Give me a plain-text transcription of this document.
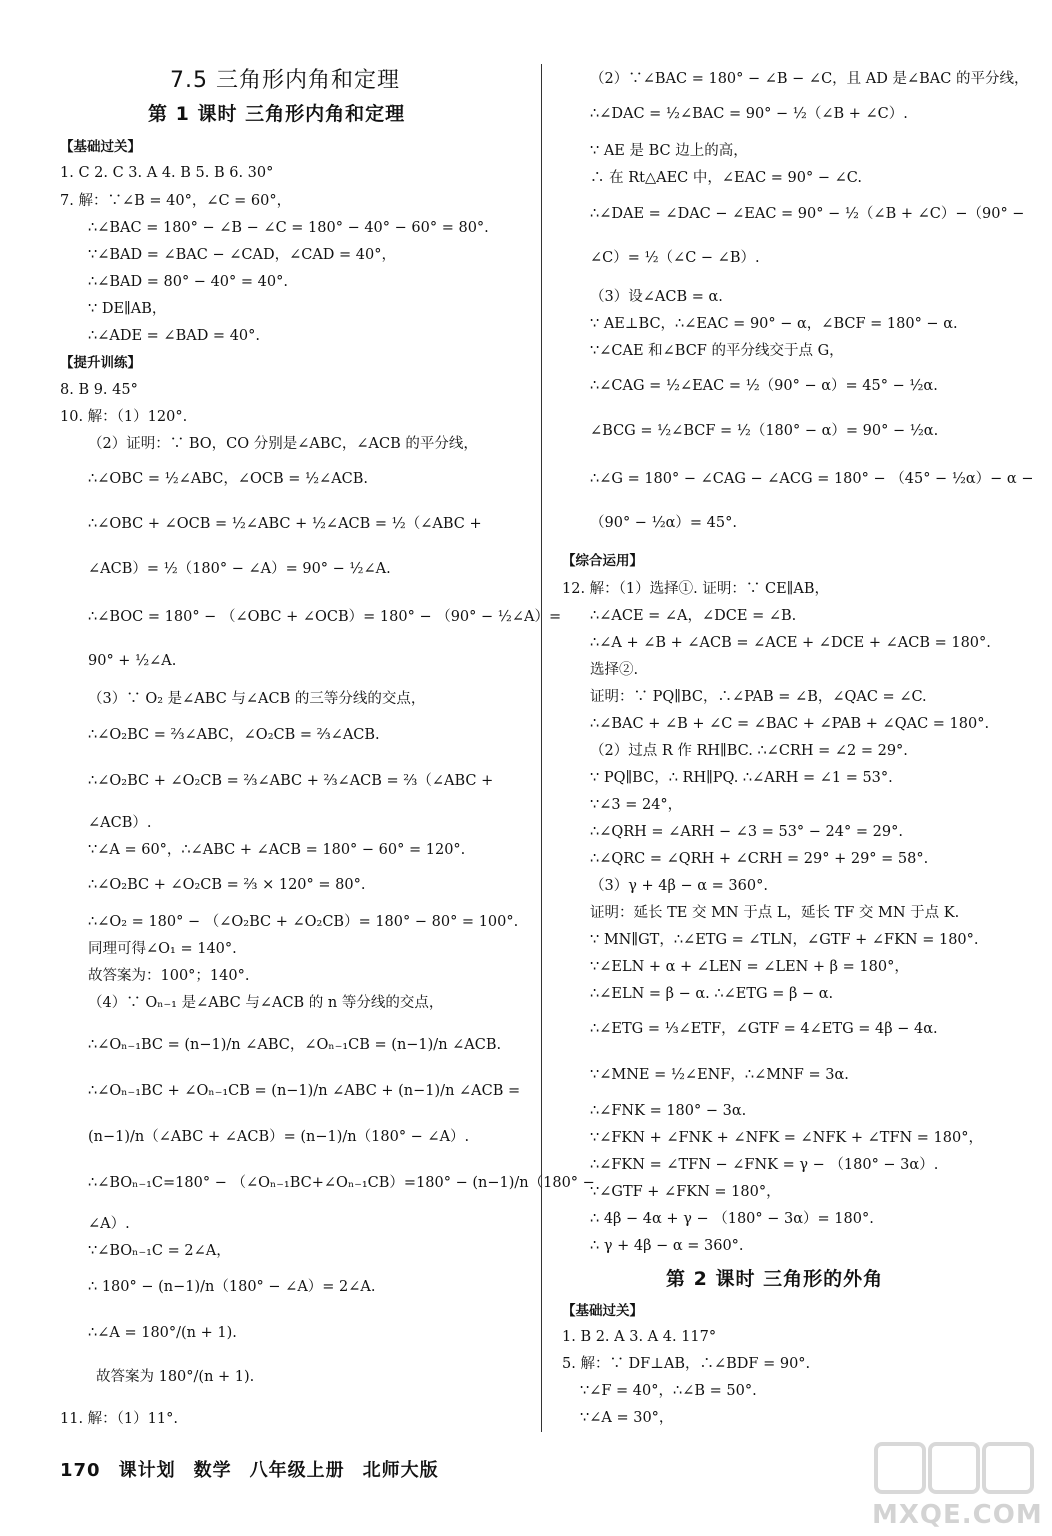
7.5 三角形内角和定理
第 1 课时 三角形内角和定理
【基础过关】
1. C 2. C 3. A 4. B 5. B 6. 30°
7. 解：∵∠B = 40°，∠C = 60°，
∴∠BAC = 180° − ∠B − ∠C = 180° − 40° − 60° = 80°.
∵∠BAD = ∠BAC − ∠CAD，∠CAD = 40°，
∴∠BAD = 80° − 40° = 40°.
∵ DE∥AB，
∴∠ADE = ∠BAD = 40°.
【提升训练】
8. B 9. 45°
10. 解：（1）120°.
（2）证明：∵ BO，CO 分别是∠ABC，∠ACB 的平分线，
∴∠OBC = ½∠ABC，∠OCB = ½∠ACB.
∴∠OBC + ∠OCB = ½∠ABC + ½∠ACB = ½（∠ABC +
∠ACB）= ½（180° − ∠A）= 90° − ½∠A.
∴∠BOC = 180° − （∠OBC + ∠OCB）= 180° − （90° − ½∠A）=
90° + ½∠A.
（3）∵ O₂ 是∠ABC 与∠ACB 的三等分线的交点，
∴∠O₂BC = ⅔∠ABC，∠O₂CB = ⅔∠ACB.
∴∠O₂BC + ∠O₂CB = ⅔∠ABC + ⅔∠ACB = ⅔（∠ABC +
∠ACB）.
∵∠A = 60°，∴∠ABC + ∠ACB = 180° − 60° = 120°.
∴∠O₂BC + ∠O₂CB = ⅔ × 120° = 80°.
∴∠O₂ = 180° − （∠O₂BC + ∠O₂CB）= 180° − 80° = 100°.
同理可得∠O₁ = 140°.
故答案为：100°；140°.
（4）∵ Oₙ₋₁ 是∠ABC 与∠ACB 的 n 等分线的交点，
∴∠Oₙ₋₁BC = (n−1)/n ∠ABC，∠Oₙ₋₁CB = (n−1)/n ∠ACB.
∴∠Oₙ₋₁BC + ∠Oₙ₋₁CB = (n−1)/n ∠ABC + (n−1)/n ∠ACB =
(n−1)/n（∠ABC + ∠ACB）= (n−1)/n（180° − ∠A）.
∴∠BOₙ₋₁C=180° − （∠Oₙ₋₁BC+∠Oₙ₋₁CB）=180° − (n−1)/n（180° −
∠A）.
∵∠BOₙ₋₁C = 2∠A，
∴ 180° − (n−1)/n（180° − ∠A）= 2∠A.
∴∠A = 180°/(n + 1).
故答案为 180°/(n + 1).
11. 解：（1）11°.
（2）∵∠BAC = 180° − ∠B − ∠C，且 AD 是∠BAC 的平分线，
∴∠DAC = ½∠BAC = 90° − ½（∠B + ∠C）.
∵ AE 是 BC 边上的高，
∴ 在 Rt△AEC 中，∠EAC = 90° − ∠C.
∴∠DAE = ∠DAC − ∠EAC = 90° − ½（∠B + ∠C）−（90° −
∠C）= ½（∠C − ∠B）.
（3）设∠ACB = α.
∵ AE⊥BC，∴∠EAC = 90° − α，∠BCF = 180° − α.
∵∠CAE 和∠BCF 的平分线交于点 G，
∴∠CAG = ½∠EAC = ½（90° − α）= 45° − ½α.
∠BCG = ½∠BCF = ½（180° − α）= 90° − ½α.
∴∠G = 180° − ∠CAG − ∠ACG = 180° − （45° − ½α）− α −
（90° − ½α）= 45°.
【综合运用】
12. 解：（1）选择①. 证明：∵ CE∥AB，
∴∠ACE = ∠A，∠DCE = ∠B.
∴∠A + ∠B + ∠ACB = ∠ACE + ∠DCE + ∠ACB = 180°.
选择②.
证明：∵ PQ∥BC，∴∠PAB = ∠B，∠QAC = ∠C.
∴∠BAC + ∠B + ∠C = ∠BAC + ∠PAB + ∠QAC = 180°.
（2）过点 R 作 RH∥BC. ∴∠CRH = ∠2 = 29°.
∵ PQ∥BC，∴ RH∥PQ. ∴∠ARH = ∠1 = 53°.
∵∠3 = 24°，
∴∠QRH = ∠ARH − ∠3 = 53° − 24° = 29°.
∴∠QRC = ∠QRH + ∠CRH = 29° + 29° = 58°.
（3）γ + 4β − α = 360°.
证明：延长 TE 交 MN 于点 L，延长 TF 交 MN 于点 K.
∵ MN∥GT，∴∠ETG = ∠TLN，∠GTF + ∠FKN = 180°.
∵∠ELN + α + ∠LEN = ∠LEN + β = 180°，
∴∠ELN = β − α. ∴∠ETG = β − α.
∴∠ETG = ⅓∠ETF，∠GTF = 4∠ETG = 4β − 4α.
∵∠MNE = ½∠ENF，∴∠MNF = 3α.
∴∠FNK = 180° − 3α.
∵∠FKN + ∠FNK + ∠NFK = ∠NFK + ∠TFN = 180°，
∴∠FKN = ∠TFN − ∠FNK = γ − （180° − 3α）.
∵∠GTF + ∠FKN = 180°，
∴ 4β − 4α + γ − （180° − 3α）= 180°.
∴ γ + 4β − α = 360°.
第 2 课时 三角形的外角
【基础过关】
1. B 2. A 3. A 4. 117°
5. 解：∵ DF⊥AB，∴∠BDF = 90°.
∵∠F = 40°，∴∠B = 50°.
∵∠A = 30°，
170 课计划 数学 八年级上册 北师大版
MXQE.COM
